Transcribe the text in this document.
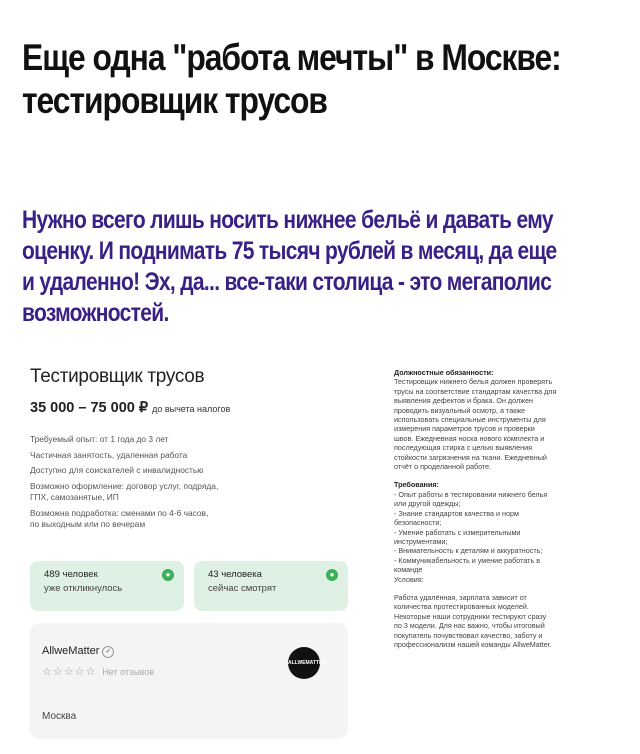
Еще одна "работа мечты" в Москве:
тестировщик трусов
Нужно всего лишь носить нижнее бельё и давать ему
оценку. И поднимать 75 тысяч рублей в месяц, да еще
и удаленно! Эх, да... все-таки столица - это мегаполис
возможностей.
Тестировщик трусов
35 000 – 75 000 ₽ до вычета налогов
Требуемый опыт: от 1 года до 3 лет
Частичная занятость, удаленная работа
Доступно для соискателей с инвалидностью
Возможно оформление: договор услуг, подряда,
ГПХ, самозанятые, ИП
Возможна подработка: сменами по 4-6 часов,
по выходным или по вечерам
489 человек
уже откликнулось
●	43 человека
сейчас смотрят
●
AllweMatter ✓
☆☆☆☆☆ Нет отзывов
Москва
ALLWEMATTER

Должностные обязанности:

Тестировщик нижнего белья должен проверять

трусы на соответствие стандартам качества для

выявления дефектов и брака. Он должен

проводить визуальный осмотр, а также

использовать специальные инструменты для

измерения параметров трусов и проверки

швов. Ежедневная носка нового комплекта и

последующая стирка с целью выявления

стойкости загрязнения на ткани. Ежедневный

отчёт о проделанной работе.

Требования:

- Опыт работы в тестировании нижнего белья

или другой одежды;

- Знание стандартов качества и норм

безопасности;

- Умение работать с измерительными

инструментами;

- Внимательность к деталям и аккуратность;

- Коммуникабельность и умение работать в

команде

Условия:

Работа удалённая, зарплата зависит от

количества протестированных моделей.

Некоторые наши сотрудники тестируют сразу

по 3 модели. Для нас важно, чтобы итоговый

покупатель почувствовал качество, заботу и

профессионализм нашей команды AllweMatter.
